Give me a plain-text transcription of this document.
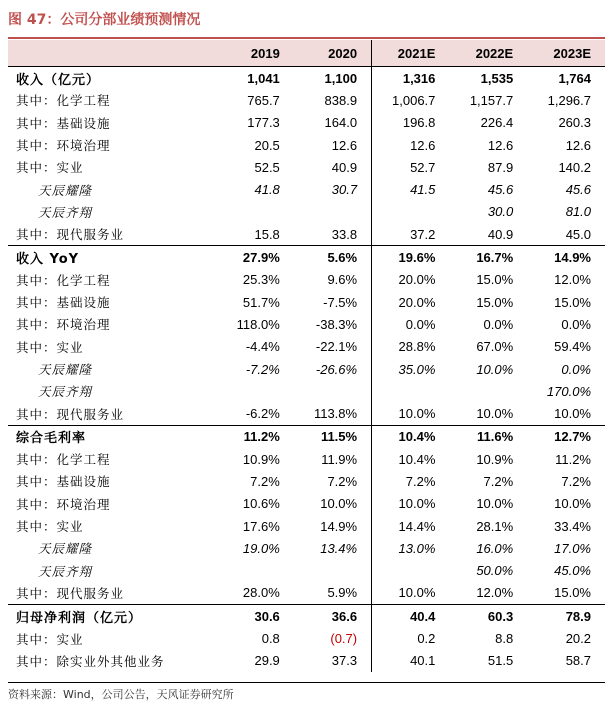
图 47：公司分部业绩预测情况
	2019	2020	2021E	2022E	2023E
收入（亿元）	1,041	1,100	1,316	1,535	1,764
其中：化学工程	765.7	838.9	1,006.7	1,157.7	1,296.7
其中：基础设施	177.3	164.0	196.8	226.4	260.3
其中：环境治理	20.5	12.6	12.6	12.6	12.6
其中：实业	52.5	40.9	52.7	87.9	140.2
天辰耀隆	41.8	30.7	41.5	45.6	45.6
天辰齐翔				30.0	81.0
其中：现代服务业	15.8	33.8	37.2	40.9	45.0
收入 YoY	27.9%	5.6%	19.6%	16.7%	14.9%
其中：化学工程	25.3%	9.6%	20.0%	15.0%	12.0%
其中：基础设施	51.7%	-7.5%	20.0%	15.0%	15.0%
其中：环境治理	118.0%	-38.3%	0.0%	0.0%	0.0%
其中：实业	-4.4%	-22.1%	28.8%	67.0%	59.4%
天辰耀隆	-7.2%	-26.6%	35.0%	10.0%	0.0%
天辰齐翔					170.0%
其中：现代服务业	-6.2%	113.8%	10.0%	10.0%	10.0%
综合毛利率	11.2%	11.5%	10.4%	11.6%	12.7%
其中：化学工程	10.9%	11.9%	10.4%	10.9%	11.2%
其中：基础设施	7.2%	7.2%	7.2%	7.2%	7.2%
其中：环境治理	10.6%	10.0%	10.0%	10.0%	10.0%
其中：实业	17.6%	14.9%	14.4%	28.1%	33.4%
天辰耀隆	19.0%	13.4%	13.0%	16.0%	17.0%
天辰齐翔				50.0%	45.0%
其中：现代服务业	28.0%	5.9%	10.0%	12.0%	15.0%
归母净利润（亿元）	30.6	36.6	40.4	60.3	78.9
其中：实业	0.8	(0.7)	0.2	8.8	20.2
其中：除实业外其他业务	29.9	37.3	40.1	51.5	58.7
资料来源：Wind，公司公告，天风证券研究所
